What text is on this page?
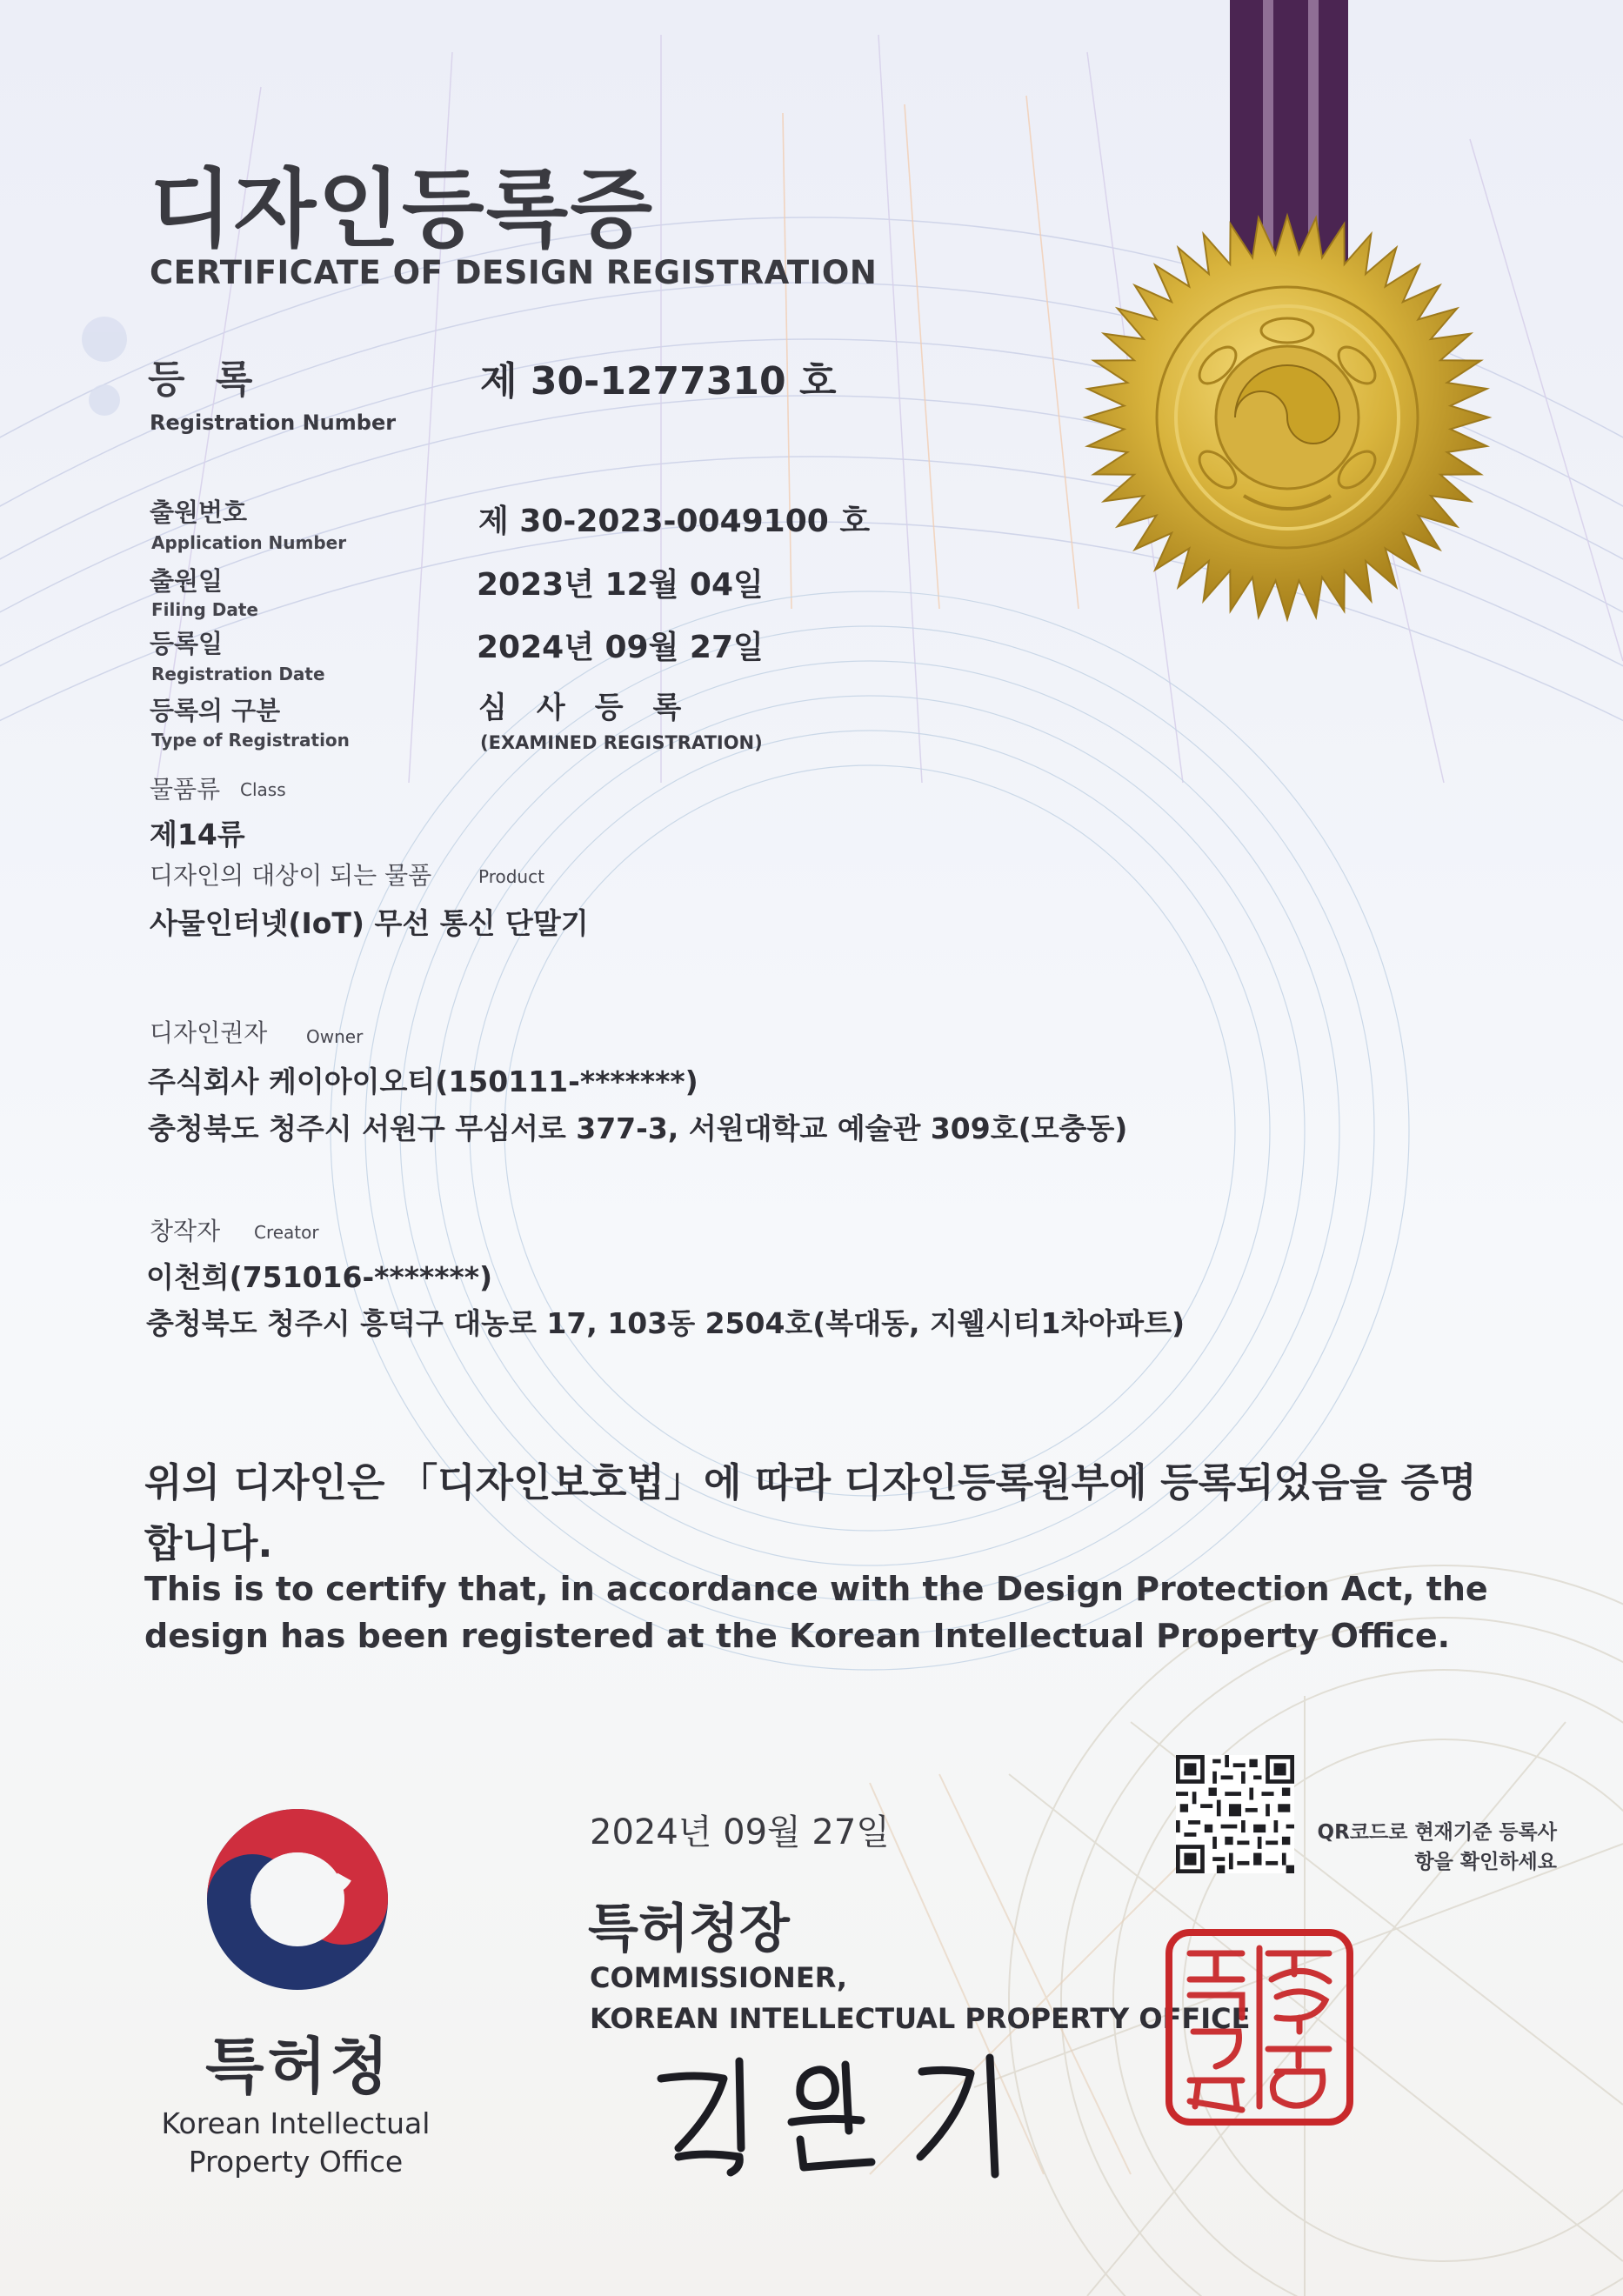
디자인등록증
CERTIFICATE OF DESIGN REGISTRATION
등 록
Registration Number
제 30-1277310 호
출원번호
Application Number
제 30-2023-0049100 호
출원일
Filing Date
2023년 12월 04일
등록일
Registration Date
2024년 09월 27일
등록의 구분
Type of Registration
심사등록
(EXAMINED REGISTRATION)
물품류 Class
제14류
디자인의 대상이 되는 물품	Product
사물인터넷(IoT) 무선 통신 단말기
디자인권자 Owner
주식회사 케이아이오티(150111-*******)
충청북도 청주시 서원구 무심서로 377-3, 서원대학교 예술관 309호(모충동)
창작자 Creator
이천희(751016-*******)
충청북도 청주시 흥덕구 대농로 17, 103동 2504호(복대동, 지웰시티1차아파트)
위의 디자인은 「디자인보호법」에 따라 디자인등록원부에 등록되었음을 증명합니다.
This is to certify that, in accordance with the Design Protection Act, the design has been registered at the Korean Intellectual Property Office.
특허청
Korean Intellectual Property Office
2024년 09월 27일
특허청장
COMMISSIONER,
KOREAN INTELLECTUAL PROPERTY OFFICE
QR코드로 현재기준 등록사항을 확인하세요
